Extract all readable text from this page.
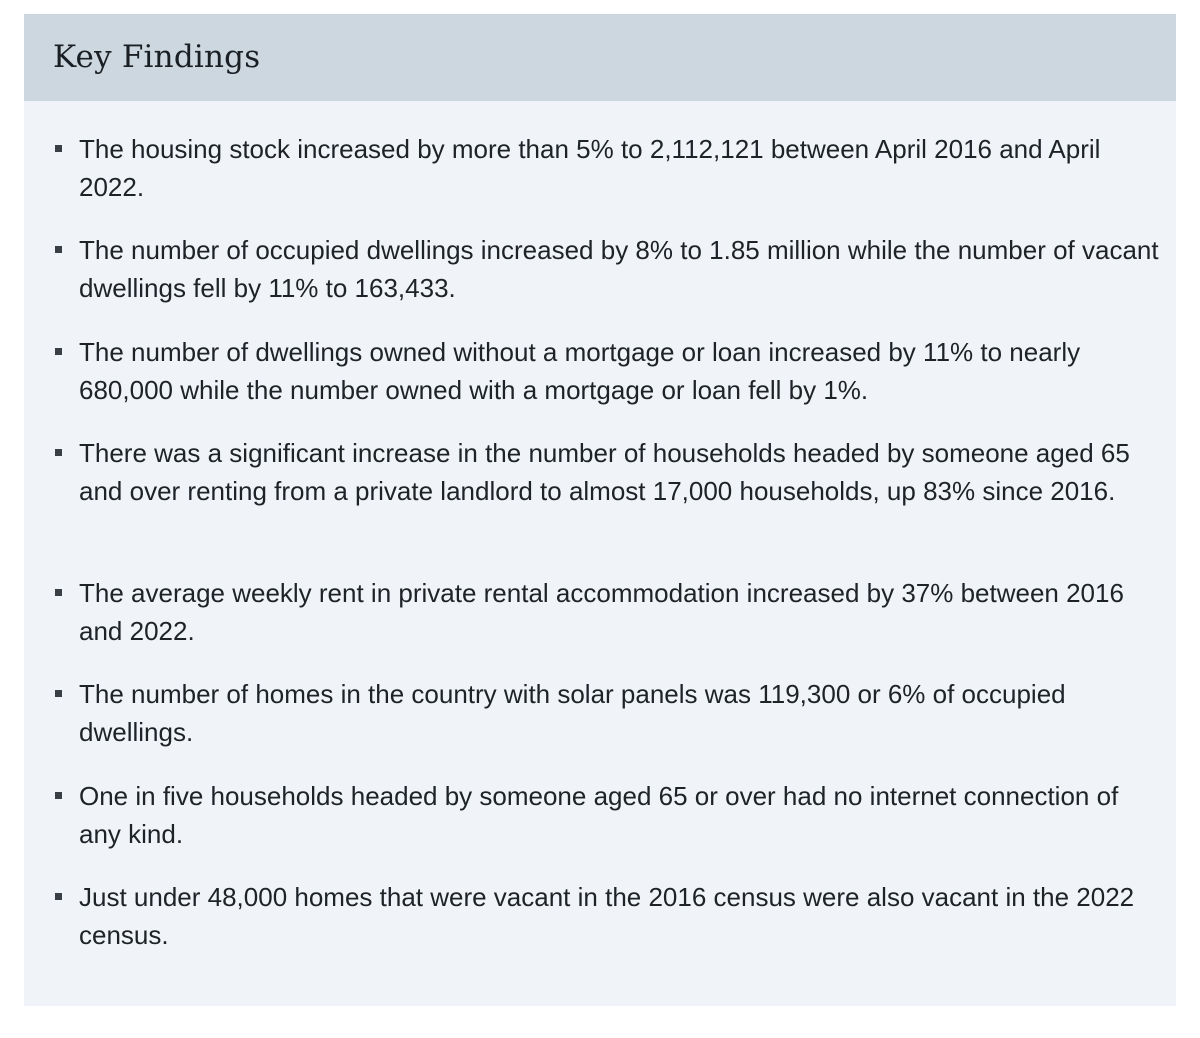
Key Findings

The housing stock increased by more than 5% to 2,112,121 between April 2016 and April 2022.

The number of occupied dwellings increased by 8% to 1.85 million while the number of vacant dwellings fell by 11% to 163,433.

The number of dwellings owned without a mortgage or loan increased by 11% to nearly 680,000 while the number owned with a mortgage or loan fell by 1%.

There was a significant increase in the number of households headed by someone aged 65 and over renting from a private landlord to almost 17,000 households, up 83% since 2016.

The average weekly rent in private rental accommodation increased by 37% between 2016 and 2022.

The number of homes in the country with solar panels was 119,300 or 6% of occupied dwellings.

One in five households headed by someone aged 65 or over had no internet connection of any kind.

Just under 48,000 homes that were vacant in the 2016 census were also vacant in the 2022 census.
